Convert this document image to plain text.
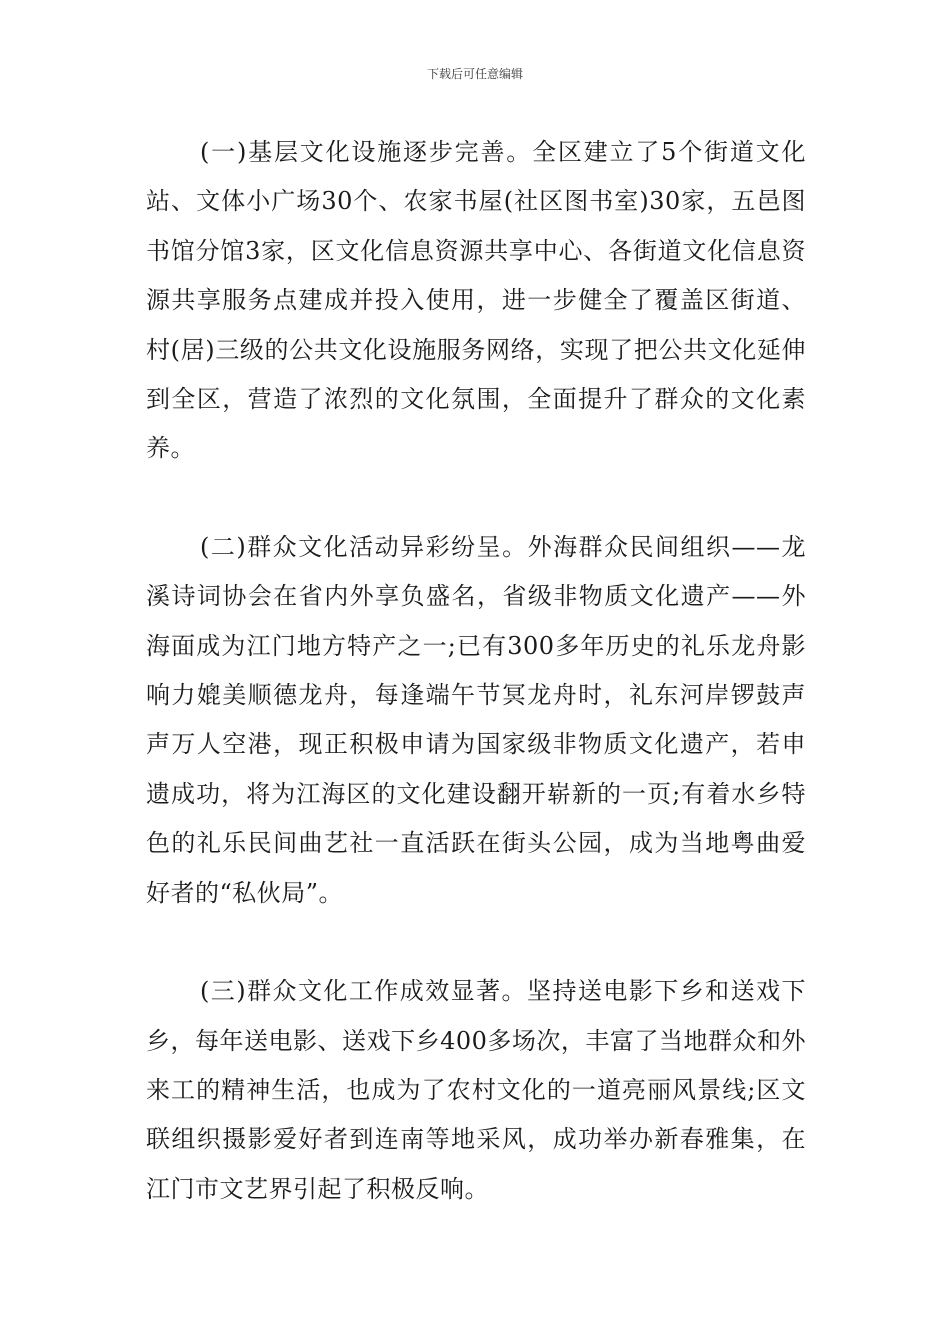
下载后可任意编辑

(一)基层文化设施逐步完善。全区建立了5个街道文化站、文体小广场30个、农家书屋(社区图书室)30家，五邑图书馆分馆3家，区文化信息资源共享中心、各街道文化信息资源共享服务点建成并投入使用，进一步健全了覆盖区街道、村(居)三级的公共文化设施服务网络，实现了把公共文化延伸到全区，营造了浓烈的文化氛围，全面提升了群众的文化素养。

(二)群众文化活动异彩纷呈。外海群众民间组织——龙溪诗词协会在省内外享负盛名，省级非物质文化遗产——外海面成为江门地方特产之一;已有300多年历史的礼乐龙舟影响力媲美顺德龙舟，每逢端午节冥龙舟时，礼东河岸锣鼓声声万人空港，现正积极申请为国家级非物质文化遗产，若申遗成功，将为江海区的文化建设翻开崭新的一页;有着水乡特色的礼乐民间曲艺社一直活跃在街头公园，成为当地粤曲爱好者的“私伙局”。

(三)群众文化工作成效显著。坚持送电影下乡和送戏下乡，每年送电影、送戏下乡400多场次，丰富了当地群众和外来工的精神生活，也成为了农村文化的一道亮丽风景线;区文联组织摄影爱好者到连南等地采风，成功举办新春雅集，在江门市文艺界引起了积极反响。
